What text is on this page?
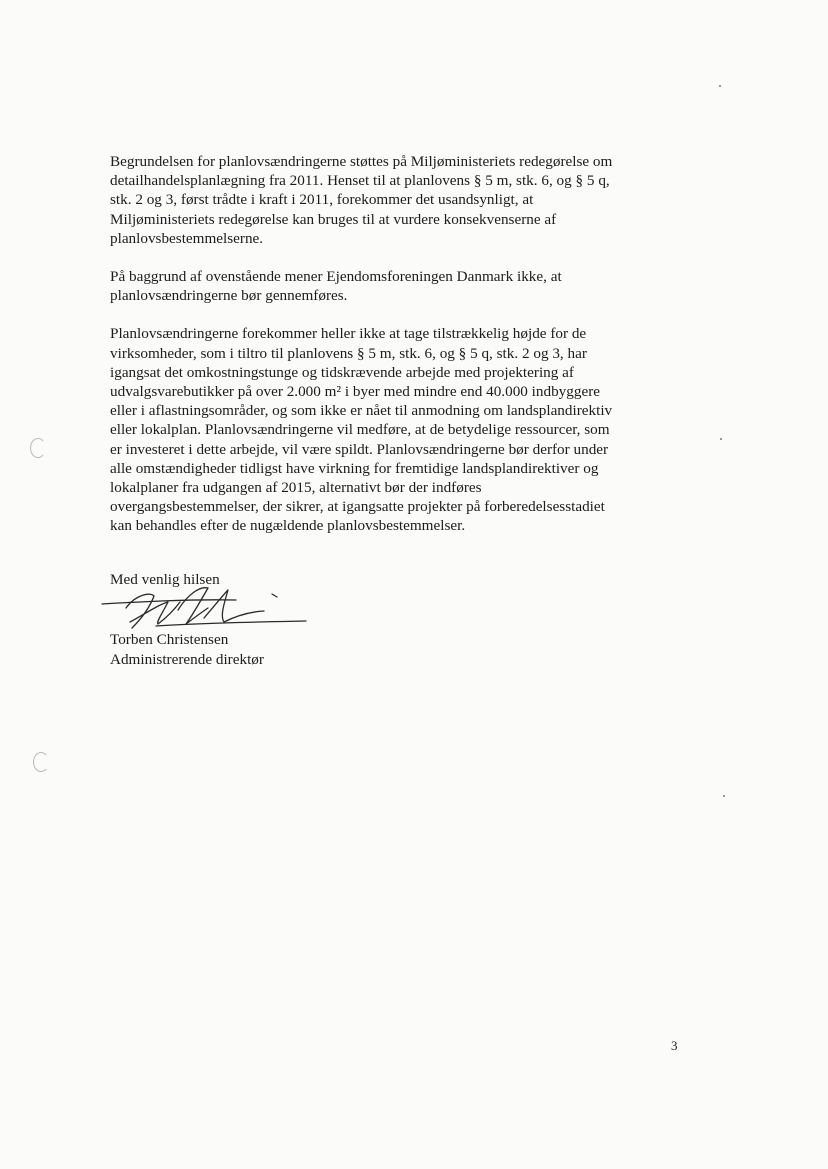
Begrundelsen for planlovsændringerne støttes på Miljøministeriets redegørelse om
detailhandelsplanlægning fra 2011. Henset til at planlovens § 5 m, stk. 6, og § 5 q,
stk. 2 og 3, først trådte i kraft i 2011, forekommer det usandsynligt, at
Miljøministeriets redegørelse kan bruges til at vurdere konsekvenserne af
planlovsbestemmelserne.

På baggrund af ovenstående mener Ejendomsforeningen Danmark ikke, at
planlovsændringerne bør gennemføres.

Planlovsændringerne forekommer heller ikke at tage tilstrækkelig højde for de
virksomheder, som i tiltro til planlovens § 5 m, stk. 6, og § 5 q, stk. 2 og 3, har
igangsat det omkostningstunge og tidskrævende arbejde med projektering af
udvalgsvarebutikker på over 2.000 m² i byer med mindre end 40.000 indbyggere
eller i aflastningsområder, og som ikke er nået til anmodning om landsplandirektiv
eller lokalplan. Planlovsændringerne vil medføre, at de betydelige ressourcer, som
er investeret i dette arbejde, vil være spildt. Planlovsændringerne bør derfor under
alle omstændigheder tidligst have virkning for fremtidige landsplandirektiver og
lokalplaner fra udgangen af 2015, alternativt bør der indføres
overgangsbestemmelser, der sikrer, at igangsatte projekter på forberedelsesstadiet
kan behandles efter de nugældende planlovsbestemmelser.

Med venlig hilsen
Torben Christensen
Administrerende direktør
3
